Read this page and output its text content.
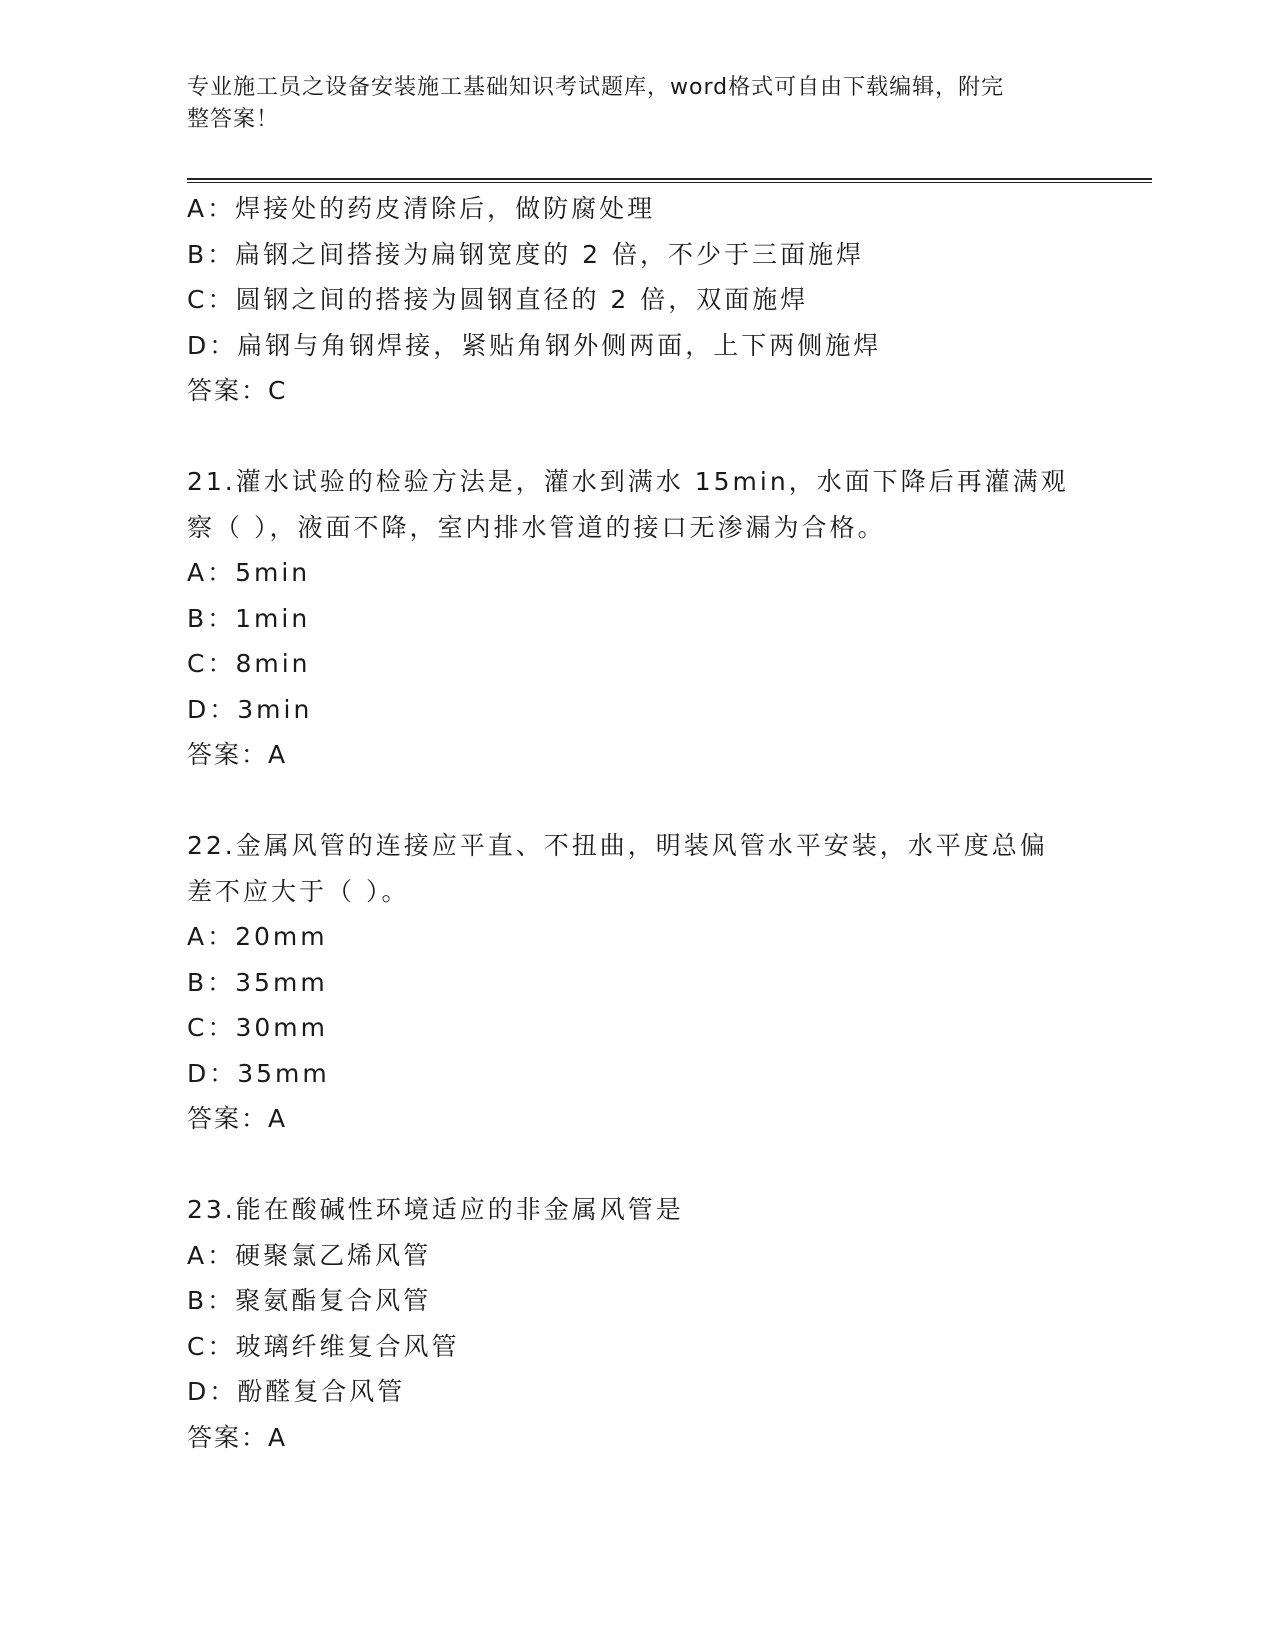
专业施工员之设备安装施工基础知识考试题库，word格式可自由下载编辑，附完
整答案！
A：焊接处的药皮清除后，做防腐处理
B：扁钢之间搭接为扁钢宽度的 2 倍，不少于三面施焊
C：圆钢之间的搭接为圆钢直径的 2 倍，双面施焊
D：扁钢与角钢焊接，紧贴角钢外侧两面，上下两侧施焊
答案：C
21.灌水试验的检验方法是，灌水到满水 15min，水面下降后再灌满观
察（ ），液面不降，室内排水管道的接口无渗漏为合格。
A：5min
B：1min
C：8min
D：3min
答案：A
22.金属风管的连接应平直、不扭曲，明装风管水平安装，水平度总偏
差不应大于（ ）。
A：20mm
B：35mm
C：30mm
D：35mm
答案：A
23.能在酸碱性环境适应的非金属风管是
A：硬聚氯乙烯风管
B：聚氨酯复合风管
C：玻璃纤维复合风管
D：酚醛复合风管
答案：A
